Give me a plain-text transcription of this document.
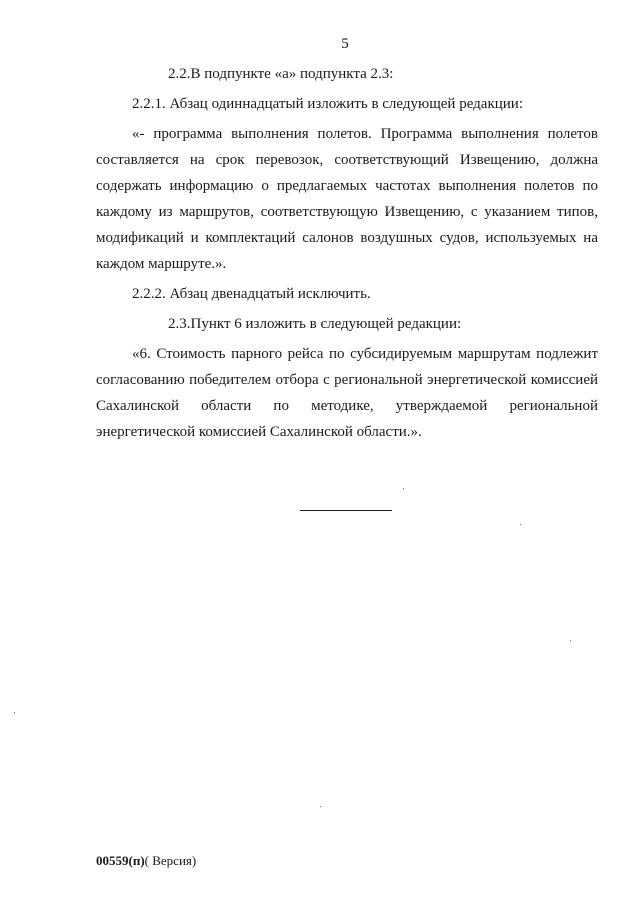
5

2.2.В подпункте «а» подпункта 2.3:

2.2.1. Абзац одиннадцатый изложить в следующей редакции:

«- программа выполнения полетов. Программа выполнения полетов составляется на срок перевозок, соответствующий Извещению, должна содержать информацию о предлагаемых частотах выполнения полетов по каждому из маршрутов, соответствующую Извещению, с указанием типов, модификаций и комплектаций салонов воздушных судов, используемых на каждом маршруте.».

2.2.2. Абзац двенадцатый исключить.

2.3.Пункт 6 изложить в следующей редакции:

«6. Стоимость парного рейса по субсидируемым маршрутам подлежит согласованию победителем отбора с региональной энергетической комиссией Сахалинской области по методике, утверждаемой региональной энергетической комиссией Сахалинской области.».

00559(п)( Версия)
